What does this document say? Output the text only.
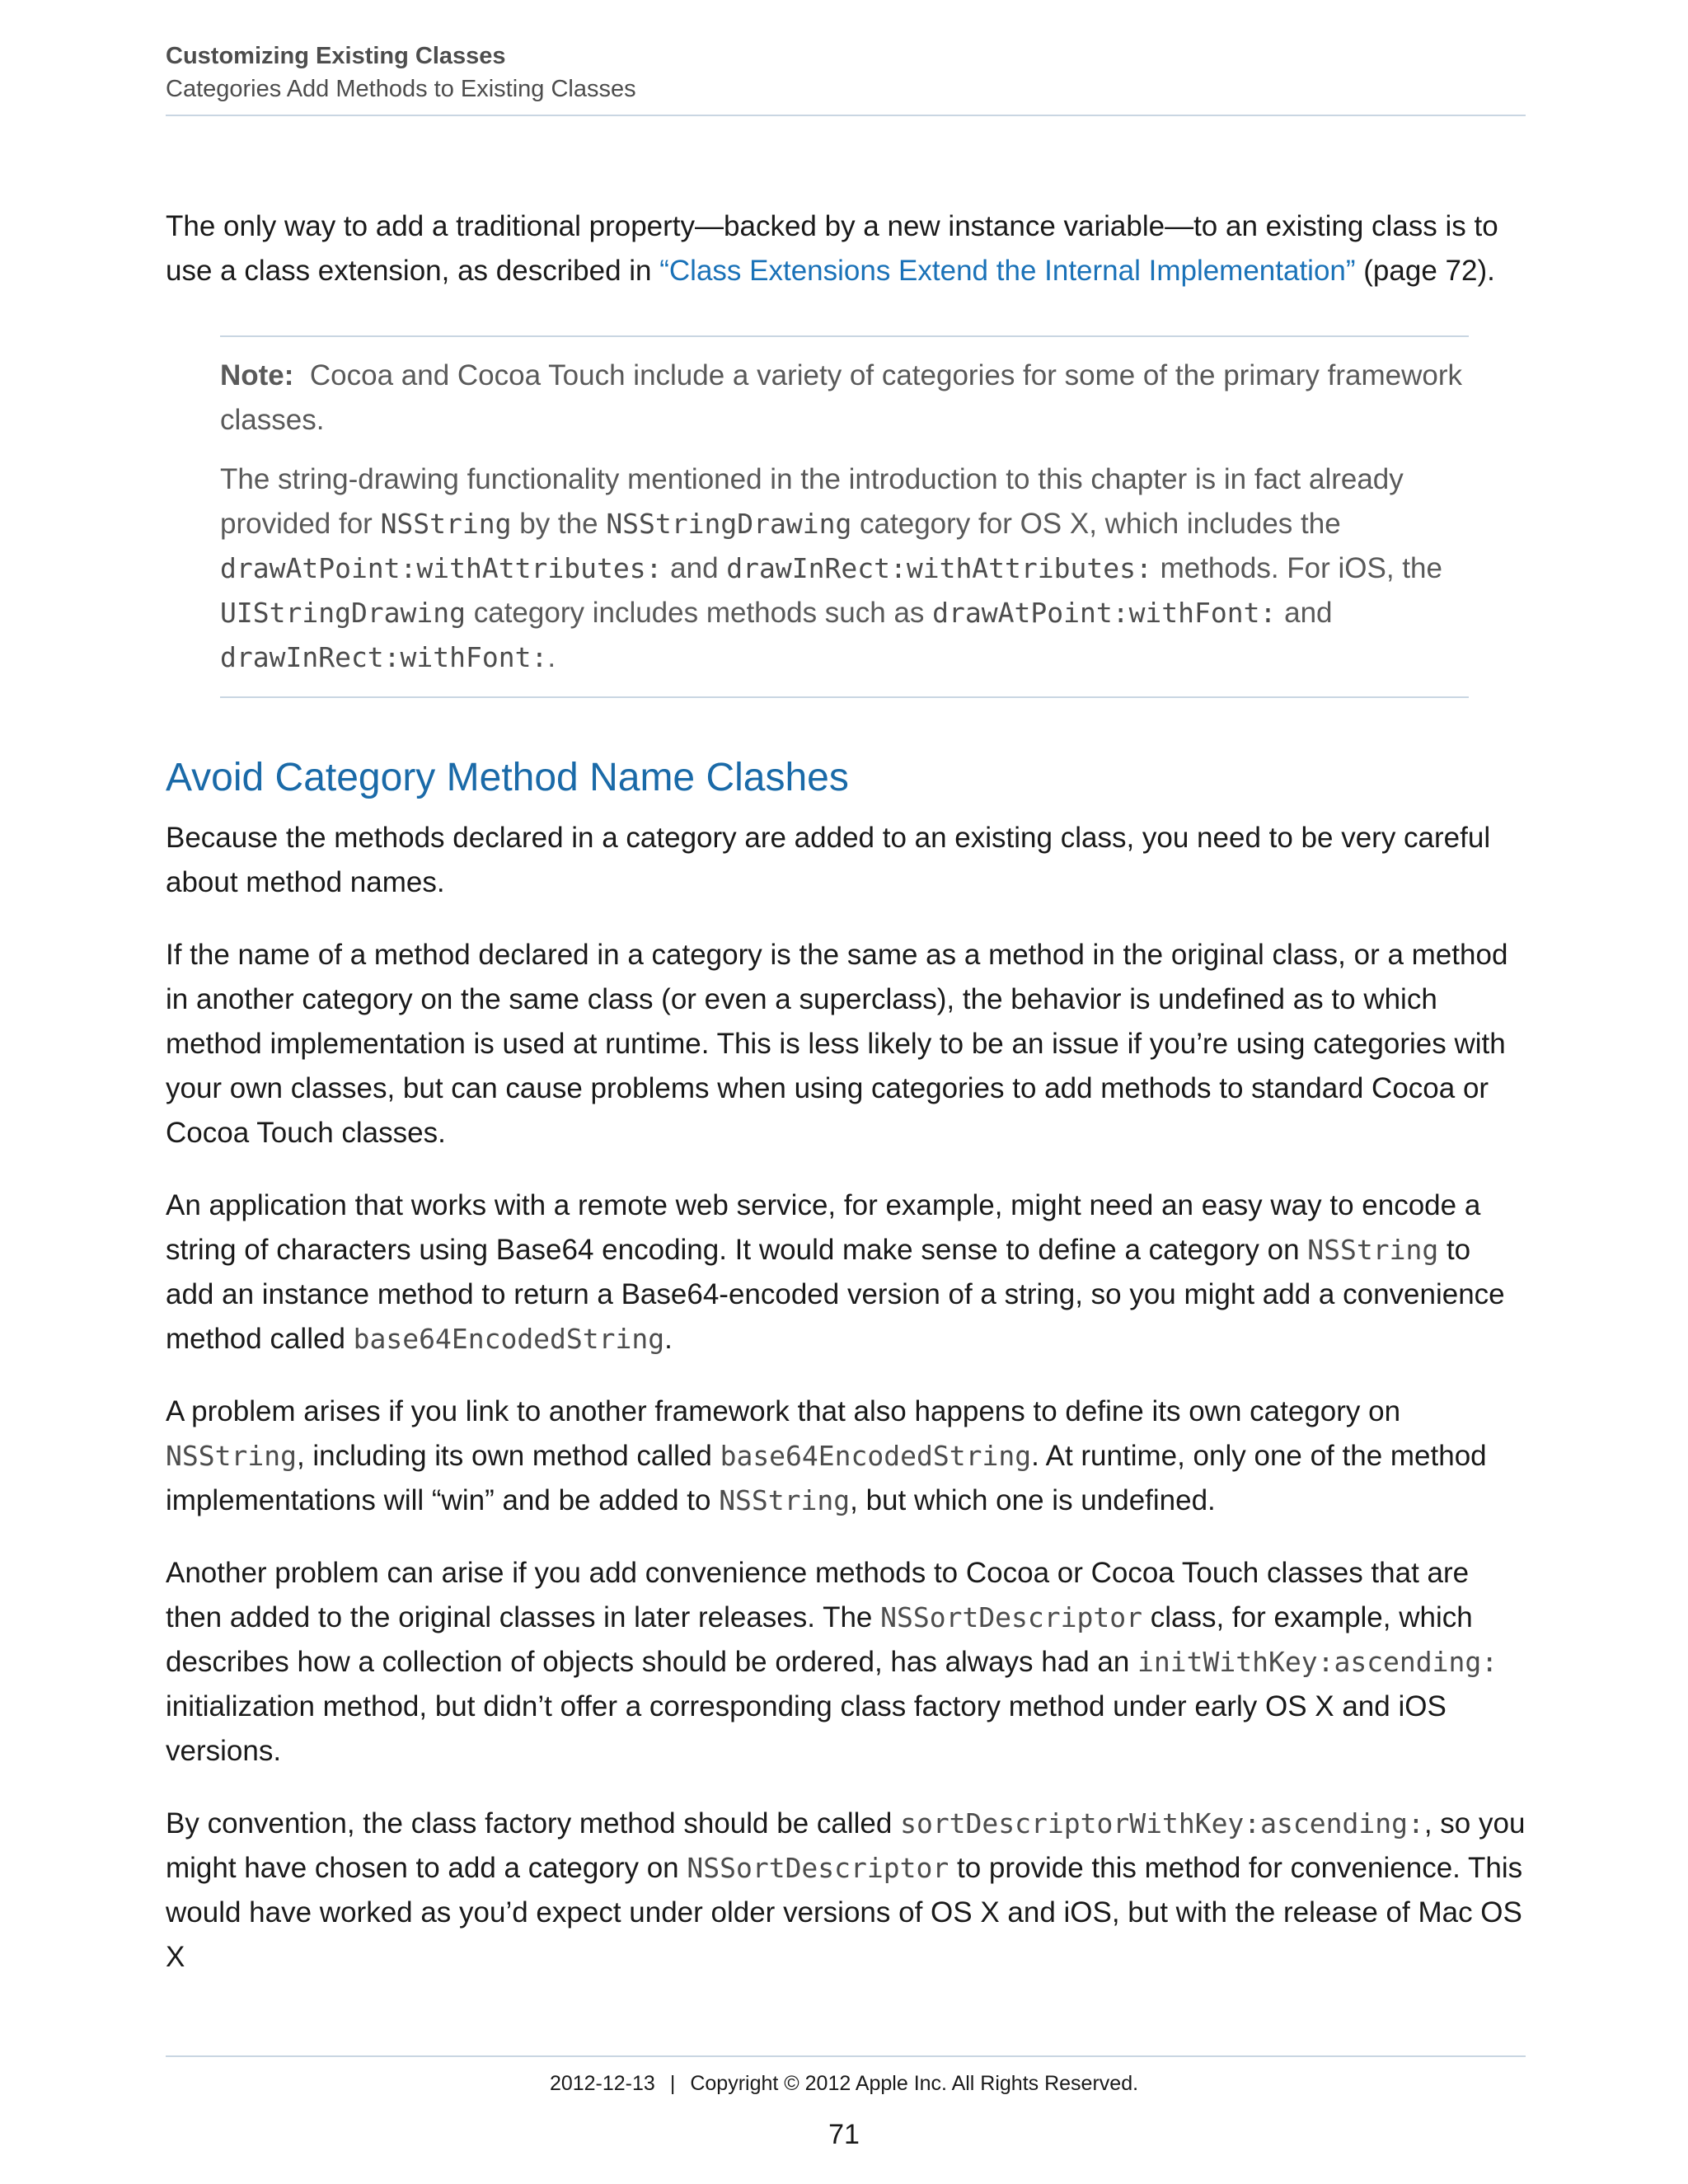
Customizing Existing Classes
Categories Add Methods to Existing Classes

The only way to add a traditional property—backed by a new instance variable—to an existing class is to use a class extension, as described in “Class Extensions Extend the Internal Implementation” (page 72).

Note: Cocoa and Cocoa Touch include a variety of categories for some of the primary framework classes.

The string-drawing functionality mentioned in the introduction to this chapter is in fact already provided for NSString by the NSStringDrawing category for OS X, which includes the drawAtPoint:withAttributes: and drawInRect:withAttributes: methods. For iOS, the UIStringDrawing category includes methods such as drawAtPoint:withFont: and drawInRect:withFont:.

Avoid Category Method Name Clashes

Because the methods declared in a category are added to an existing class, you need to be very careful about method names.

If the name of a method declared in a category is the same as a method in the original class, or a method in another category on the same class (or even a superclass), the behavior is undefined as to which method implementation is used at runtime. This is less likely to be an issue if you’re using categories with your own classes, but can cause problems when using categories to add methods to standard Cocoa or Cocoa Touch classes.

An application that works with a remote web service, for example, might need an easy way to encode a string of characters using Base64 encoding. It would make sense to define a category on NSString to add an instance method to return a Base64-encoded version of a string, so you might add a convenience method called base64EncodedString.

A problem arises if you link to another framework that also happens to define its own category on NSString, including its own method called base64EncodedString. At runtime, only one of the method implementations will “win” and be added to NSString, but which one is undefined.

Another problem can arise if you add convenience methods to Cocoa or Cocoa Touch classes that are then added to the original classes in later releases. The NSSortDescriptor class, for example, which describes how a collection of objects should be ordered, has always had an initWithKey:ascending: initialization method, but didn’t offer a corresponding class factory method under early OS X and iOS versions.

By convention, the class factory method should be called sortDescriptorWithKey:ascending:, so you might have chosen to add a category on NSSortDescriptor to provide this method for convenience. This would have worked as you’d expect under older versions of OS X and iOS, but with the release of Mac OS X

2012-12-13 | Copyright © 2012 Apple Inc. All Rights Reserved.
71
